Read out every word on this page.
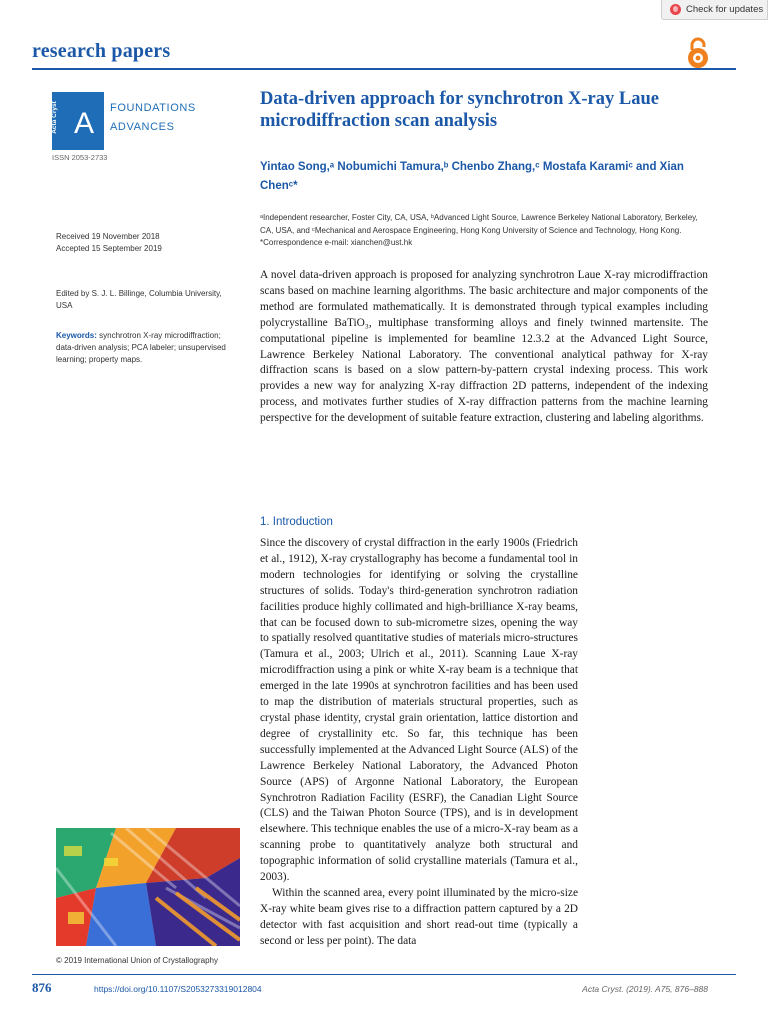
Check for updates
research papers
Acta Cryst A	FOUNDATIONS
ADVANCES
ISSN 2053-2733
Data-driven approach for synchrotron X-ray Laue microdiffraction scan analysis
Yintao Song,ᵃ Nobumichi Tamura,ᵇ Chenbo Zhang,ᶜ Mostafa Karamiᶜ and Xian
Chenᶜ*
ᵃIndependent researcher, Foster City, CA, USA, ᵇAdvanced Light Source, Lawrence Berkeley National Laboratory, Berkeley, CA, USA, and ᶜMechanical and Aerospace Engineering, Hong Kong University of Science and Technology, Hong Kong. *Correspondence e-mail: xianchen@ust.hk
Received 19 November 2018
Accepted 15 September 2019
Edited by S. J. L. Billinge, Columbia University, USA
Keywords: synchrotron X-ray microdiffraction; data-driven analysis; PCA labeler; unsupervised learning; property maps.
A novel data-driven approach is proposed for analyzing synchrotron Laue X-ray microdiffraction scans based on machine learning algorithms. The basic architecture and major components of the method are formulated mathematically. It is demonstrated through typical examples including polycrystalline BaTiO₃, multiphase transforming alloys and finely twinned martensite. The computational pipeline is implemented for beamline 12.3.2 at the Advanced Light Source, Lawrence Berkeley National Laboratory. The conventional analytical pathway for X-ray diffraction scans is based on a slow pattern-by-pattern crystal indexing process. This work provides a new way for analyzing X-ray diffraction 2D patterns, independent of the indexing process, and motivates further studies of X-ray diffraction patterns from the machine learning perspective for the development of suitable feature extraction, clustering and labeling algorithms.
1. Introduction

Since the discovery of crystal diffraction in the early 1900s (Friedrich et al., 1912), X-ray crystallography has become a fundamental tool in modern technologies for identifying or solving the crystalline structures of solids. Today's third-generation synchrotron radiation facilities produce highly collimated and high-brilliance X-ray beams, that can be focused down to sub-micrometre sizes, opening the way to spatially resolved quantitative studies of materials micro-structures (Tamura et al., 2003; Ulrich et al., 2011). Scanning Laue X-ray microdiffraction using a pink or white X-ray beam is a technique that emerged in the late 1990s at synchrotron facilities and has been used to map the distribution of materials structural properties, such as crystal phase identity, crystal grain orientation, lattice distortion and degree of crystallinity etc. So far, this technique has been successfully implemented at the Advanced Light Source (ALS) of the Lawrence Berkeley National Laboratory, the Advanced Photon Source (APS) of Argonne National Laboratory, the European Synchrotron Radiation Facility (ESRF), the Canadian Light Source (CLS) and the Taiwan Photon Source (TPS), and is in development elsewhere. This technique enables the use of a micro-X-ray beam as a scanning probe to quantitatively analyze both structural and topographic information of solid crystalline materials (Tamura et al., 2003).

Within the scanned area, every point illuminated by the micro-size X-ray white beam gives rise to a diffraction pattern captured by a 2D detector with fast acquisition and short read-out time (typically a second or less per point). The data

© 2019 International Union of Crystallography
876	https://doi.org/10.1107/S2053273319012804	Acta Cryst. (2019). A75, 876–888
